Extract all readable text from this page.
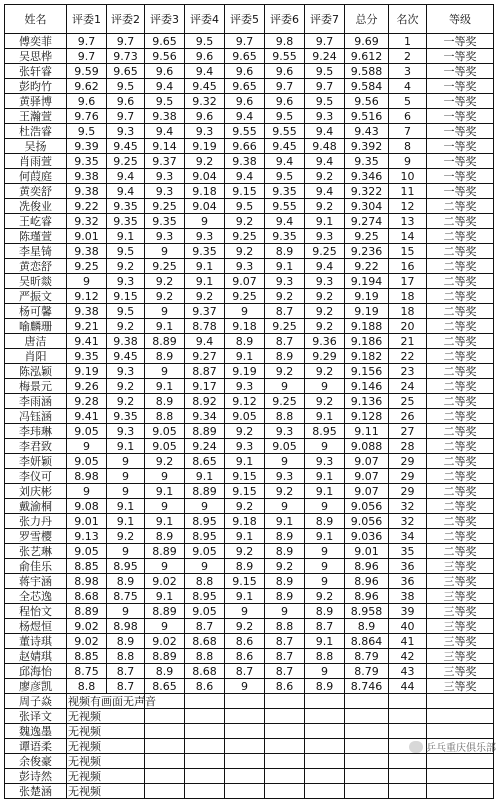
姓名	评委1	评委2	评委3	评委4	评委5	评委6	评委7	总分	名次	等级
傅奕菲	9.7	9.7	9.65	9.5	9.7	9.8	9.7	9.69	1	一等奖
吴思桦	9.7	9.73	9.56	9.6	9.65	9.55	9.24	9.612	2	一等奖
张轩睿	9.59	9.65	9.6	9.4	9.6	9.6	9.5	9.588	3	一等奖
彭昀竹	9.62	9.5	9.4	9.45	9.65	9.7	9.7	9.584	4	一等奖
黄驿博	9.6	9.6	9.5	9.32	9.6	9.6	9.5	9.56	5	一等奖
王瀚萱	9.76	9.7	9.38	9.6	9.4	9.5	9.3	9.516	6	一等奖
杜浩睿	9.5	9.3	9.4	9.3	9.55	9.55	9.4	9.43	7	一等奖
吴扬	9.39	9.45	9.14	9.19	9.66	9.45	9.48	9.392	8	一等奖
肖雨萱	9.35	9.25	9.37	9.2	9.38	9.4	9.4	9.35	9	一等奖
何葭庭	9.38	9.4	9.3	9.04	9.4	9.5	9.2	9.346	10	一等奖
黄奕舒	9.38	9.4	9.3	9.18	9.15	9.35	9.4	9.322	11	一等奖
冼俊业	9.22	9.35	9.25	9.04	9.5	9.55	9.2	9.304	12	二等奖
王屹睿	9.32	9.35	9.35	9	9.2	9.4	9.1	9.274	13	二等奖
陈瑾萱	9.01	9.1	9.3	9.3	9.25	9.35	9.3	9.25	14	二等奖
李星锜	9.38	9.5	9	9.35	9.2	8.9	9.25	9.236	15	二等奖
黄恋舒	9.25	9.2	9.25	9.1	9.3	9.1	9.4	9.22	16	二等奖
吴昕燚	9	9.3	9.2	9.1	9.07	9.3	9.3	9.194	17	二等奖
严振文	9.12	9.15	9.2	9.2	9.25	9.2	9.2	9.19	18	二等奖
杨可馨	9.38	9.5	9	9.37	9	8.7	9.2	9.19	18	二等奖
喻麟珊	9.21	9.2	9.1	8.78	9.18	9.25	9.2	9.188	20	二等奖
唐洁	9.41	9.38	8.89	9.4	8.9	8.7	9.36	9.186	21	二等奖
肖阳	9.35	9.45	8.9	9.27	9.1	8.9	9.29	9.182	22	二等奖
陈泓颖	9.19	9.3	9	8.87	9.19	9.2	9.2	9.156	23	二等奖
梅景元	9.26	9.2	9.1	9.17	9.3	9	9	9.146	24	二等奖
李雨涵	9.28	9.2	8.9	8.92	9.12	9.25	9.2	9.136	25	二等奖
冯钰涵	9.41	9.35	8.8	9.34	9.05	8.8	9.1	9.128	26	二等奖
李玮琳	9.05	9.3	9.05	8.89	9.2	9.3	8.95	9.11	27	二等奖
李君致	9	9.1	9.05	9.24	9.3	9.05	9	9.088	28	二等奖
李妍颖	9.05	9	9.2	8.65	9.1	9	9.3	9.07	29	二等奖
李仪可	8.98	9	9	9.1	9.15	9.3	9.1	9.07	29	二等奖
刘庆彬	9	9	9.1	8.89	9.15	9.2	9.1	9.07	29	二等奖
戴渝桐	9.08	9.1	9	9	9.2	9	9	9.056	32	二等奖
张力丹	9.01	9.1	9.1	8.95	9.18	9.1	8.9	9.056	32	二等奖
罗雪樱	9.13	9.2	8.9	8.95	9.1	8.9	9.1	9.036	34	二等奖
张艺琳	9.05	9	8.89	9.05	9.2	8.9	9	9.01	35	二等奖
俞佳乐	8.85	8.95	9	9	8.9	9.2	9	8.96	36	三等奖
蒋宇涵	8.98	8.9	9.02	8.8	9.15	8.9	9	8.96	36	三等奖
全芯逸	8.68	8.75	9.1	8.95	9.1	8.9	9.2	8.96	38	三等奖
程怡文	8.89	9	8.89	9.05	9	9	8.9	8.958	39	三等奖
杨煜恒	9.02	8.98	9	8.7	9.2	8.8	8.7	8.9	40	三等奖
董诗琪	9.02	8.9	9.02	8.68	8.6	8.7	9.1	8.864	41	三等奖
赵婧琪	8.85	8.8	8.89	8.8	8.6	8.7	8.8	8.79	42	三等奖
邱海怡	8.75	8.7	8.9	8.68	8.7	8.7	9	8.79	43	三等奖
廖彦凯	8.8	8.7	8.65	8.6	9	8.6	8.9	8.746	44	三等奖
周子焱	视频有画面无声音									
张译文	无视频									
魏逸墨	无视频									
谭语柔	无视频									
余俊豪	无视频									
彭诗然	无视频									
张楚涵	无视频									
乒乓重庆俱乐部
